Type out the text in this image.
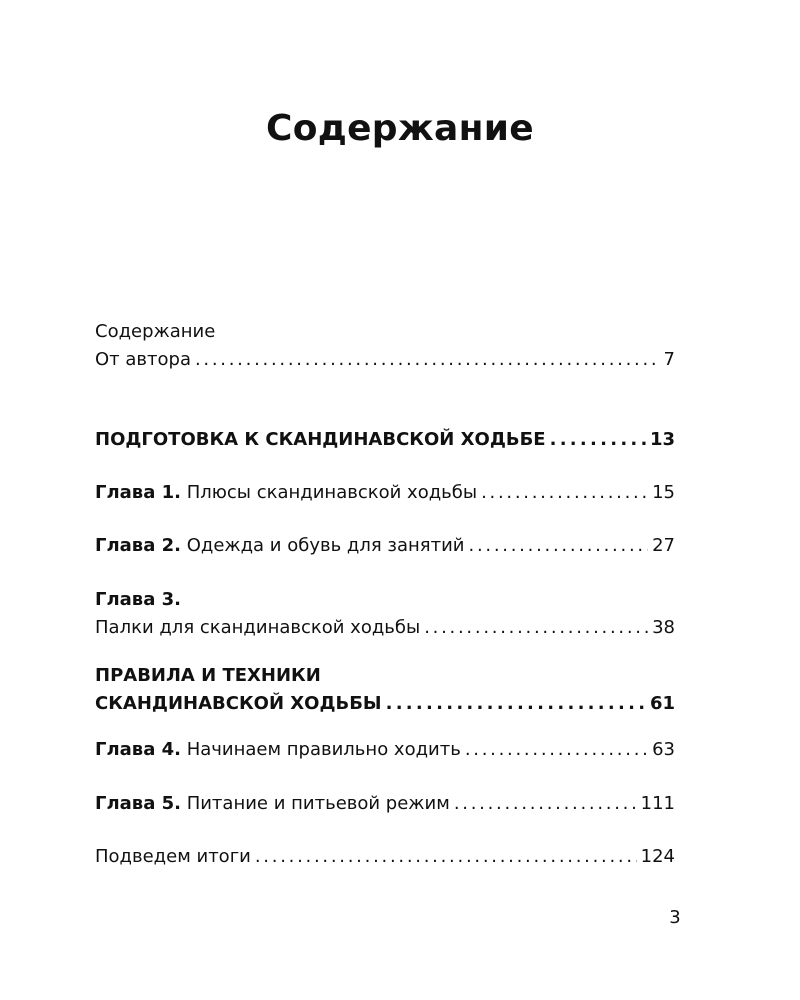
Содержание
Содержание
От автора . . .	7
ПОДГОТОВКА К СКАНДИНАВСКОЙ ХОДЬБЕ . . .	13
Глава 1.
Плюсы скандинавской ходьбы . . .	15
Глава 2.
Одежда и обувь для занятий . . .	27
Глава 3.
Палки для скандинавской ходьбы . . .	38
ПРАВИЛА И ТЕХНИКИ
СКАНДИНАВСКОЙ ХОДЬБЫ . . .	61
Глава 4.
Начинаем правильно ходить . . .	63
Глава 5.
Питание и питьевой режим . . .	111
Подведем итоги . . .	124
3
